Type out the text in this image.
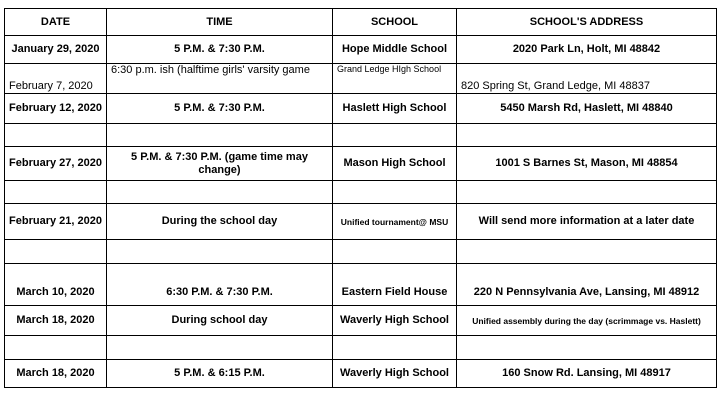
DATE	TIME	SCHOOL	SCHOOL'S ADDRESS
January 29, 2020	5 P.M. & 7:30 P.M.	Hope Middle School	2020 Park Ln, Holt, MI 48842
February 7, 2020	6:30 p.m. ish (halftime girls' varsity game	Grand Ledge HIgh School	820 Spring St, Grand Ledge, MI 48837
February 12, 2020	5 P.M. & 7:30 P.M.	Haslett High School	5450 Marsh Rd, Haslett, MI 48840

February 27, 2020	5 P.M. & 7:30 P.M. (game time may change)	Mason High School	1001 S Barnes St, Mason, MI 48854

February 21, 2020	During the school day	Unified tournament@ MSU	Will send more information at a later date

March 10, 2020	6:30 P.M. & 7:30 P.M.	Eastern Field House	220 N Pennsylvania Ave, Lansing, MI 48912
March 18, 2020	During school day	Waverly High School	Unified assembly during the day (scrimmage vs. Haslett)

March 18, 2020	5 P.M. & 6:15 P.M.	Waverly High School	160 Snow Rd. Lansing, MI 48917
